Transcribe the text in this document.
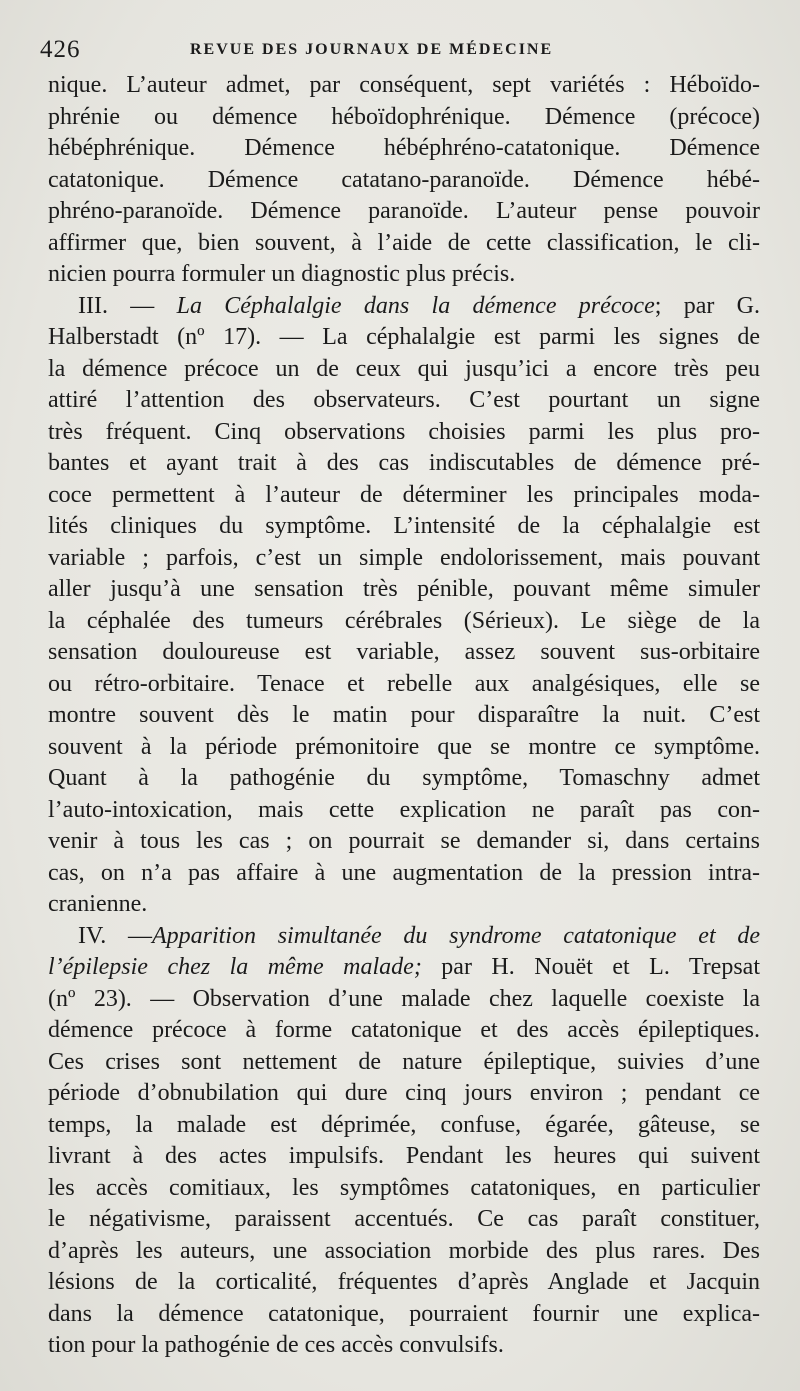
426	REVUE DES JOURNAUX DE MÉDECINE
nique. L’auteur admet, par conséquent, sept variétés : Héboïdo-
phrénie ou démence héboïdophrénique. Démence (précoce)
hébéphrénique. Démence hébéphréno-catatonique. Démence
catatonique. Démence catatano-paranoïde. Démence hébé-
phréno-paranoïde. Démence paranoïde. L’auteur pense pouvoir
affirmer que, bien souvent, à l’aide de cette classification, le cli-
nicien pourra formuler un diagnostic plus précis.
III. — La Céphalalgie dans la démence précoce; par G.
Halberstadt (nº 17). — La céphalalgie est parmi les signes de
la démence précoce un de ceux qui jusqu’ici a encore très peu
attiré l’attention des observateurs. C’est pourtant un signe
très fréquent. Cinq observations choisies parmi les plus pro-
bantes et ayant trait à des cas indiscutables de démence pré-
coce permettent à l’auteur de déterminer les principales moda-
lités cliniques du symptôme. L’intensité de la céphalalgie est
variable ; parfois, c’est un simple endolorissement, mais pouvant
aller jusqu’à une sensation très pénible, pouvant même simuler
la céphalée des tumeurs cérébrales (Sérieux). Le siège de la
sensation douloureuse est variable, assez souvent sus-orbitaire
ou rétro-orbitaire. Tenace et rebelle aux analgésiques, elle se
montre souvent dès le matin pour disparaître la nuit. C’est
souvent à la période prémonitoire que se montre ce symptôme.
Quant à la pathogénie du symptôme, Tomaschny admet
l’auto-intoxication, mais cette explication ne paraît pas con-
venir à tous les cas ; on pourrait se demander si, dans certains
cas, on n’a pas affaire à une augmentation de la pression intra-
cranienne.
IV. —Apparition simultanée du syndrome catatonique et de
l’épilepsie chez la même malade; par H. Nouët et L. Trepsat
(nº 23). — Observation d’une malade chez laquelle coexiste la
démence précoce à forme catatonique et des accès épileptiques.
Ces crises sont nettement de nature épileptique, suivies d’une
période d’obnubilation qui dure cinq jours environ ; pendant ce
temps, la malade est déprimée, confuse, égarée, gâteuse, se
livrant à des actes impulsifs. Pendant les heures qui suivent
les accès comitiaux, les symptômes catatoniques, en particulier
le négativisme, paraissent accentués. Ce cas paraît constituer,
d’après les auteurs, une association morbide des plus rares. Des
lésions de la corticalité, fréquentes d’après Anglade et Jacquin
dans la démence catatonique, pourraient fournir une explica-
tion pour la pathogénie de ces accès convulsifs.
